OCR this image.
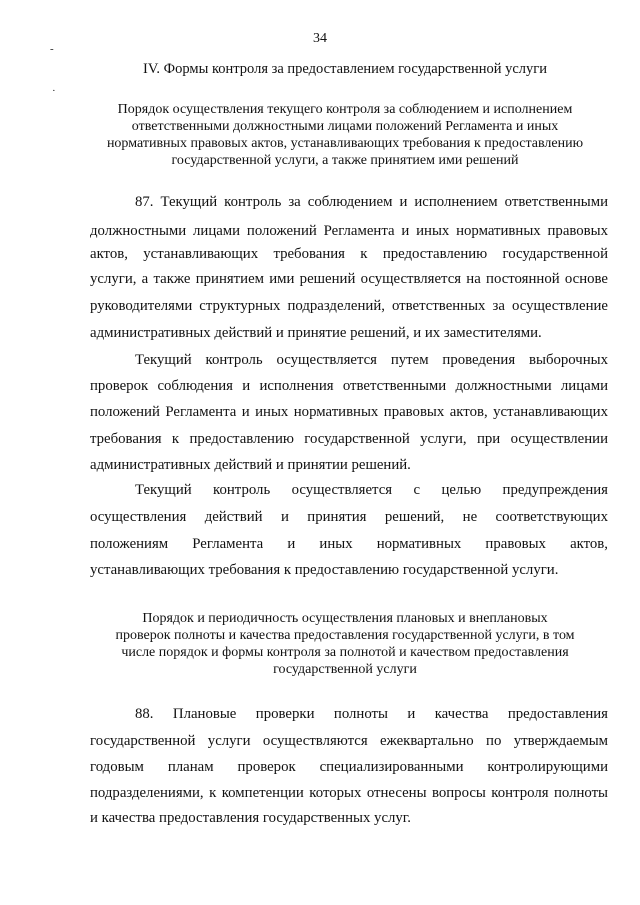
34
-
·
IV. Формы контроля за предоставлением государственной услуги
Порядок осуществления текущего контроля за соблюдением и исполнением
ответственными должностными лицами положений Регламента и иных
нормативных правовых актов, устанавливающих требования к предоставлению
государственной услуги, а также принятием ими решений
87. Текущий контроль за соблюдением и исполнением ответственными
должностными лицами положений Регламента и иных нормативных правовых
актов, устанавливающих требования к предоставлению государственной
услуги, а также принятием ими решений осуществляется на постоянной основе
руководителями структурных подразделений, ответственных за осуществление
административных действий и принятие решений, и их заместителями.
Текущий контроль осуществляется путем проведения выборочных
проверок соблюдения и исполнения ответственными должностными лицами
положений Регламента и иных нормативных правовых актов, устанавливающих
требования к предоставлению государственной услуги, при осуществлении
административных действий и принятии решений.
Текущий контроль осуществляется с целью предупреждения
осуществления действий и принятия решений, не соответствующих
положениям Регламента и иных нормативных правовых актов,
устанавливающих требования к предоставлению государственной услуги.
Порядок и периодичность осуществления плановых и внеплановых
проверок полноты и качества предоставления государственной услуги, в том
числе порядок и формы контроля за полнотой и качеством предоставления
государственной услуги
88. Плановые проверки полноты и качества предоставления
государственной услуги осуществляются ежеквартально по утверждаемым
годовым планам проверок специализированными контролирующими
подразделениями, к компетенции которых отнесены вопросы контроля полноты
и качества предоставления государственных услуг.
